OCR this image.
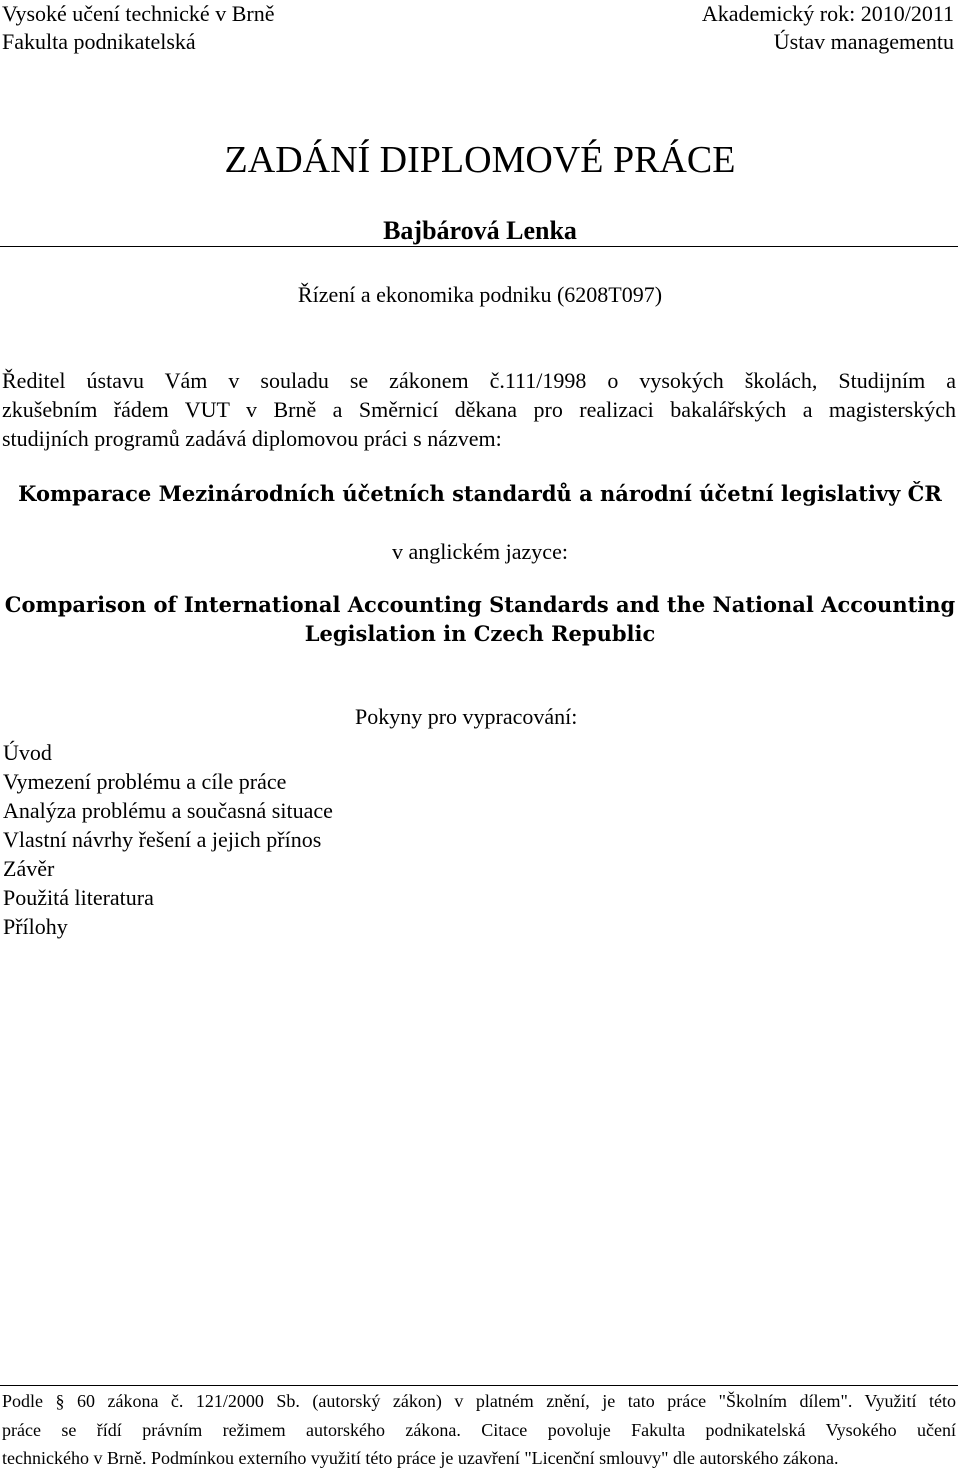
Vysoké učení technické v Brně
Fakulta podnikatelská
Akademický rok: 2010/2011
Ústav managementu
ZADÁNÍ DIPLOMOVÉ PRÁCE
Bajbárová Lenka
Řízení a ekonomika podniku (6208T097)
Ředitel ústavu Vám v souladu se zákonem č.111/1998 o vysokých školách, Studijním a
zkušebním řádem VUT v Brně a Směrnicí děkana pro realizaci bakalářských a magisterských
studijních programů zadává diplomovou práci s názvem:
Komparace Mezinárodních účetních standardů a národní účetní legislativy ČR
v anglickém jazyce:
Comparison of International Accounting Standards and the National Accounting
Legislation in Czech Republic
Pokyny pro vypracování:
Úvod
Vymezení problému a cíle práce
Analýza problému a současná situace
Vlastní návrhy řešení a jejich přínos
Závěr
Použitá literatura
Přílohy
Podle § 60 zákona č. 121/2000 Sb. (autorský zákon) v platném znění, je tato práce "Školním dílem". Využití této
práce se řídí právním režimem autorského zákona. Citace povoluje Fakulta podnikatelská Vysokého učení
technického v Brně. Podmínkou externího využití této práce je uzavření "Licenční smlouvy" dle autorského zákona.
